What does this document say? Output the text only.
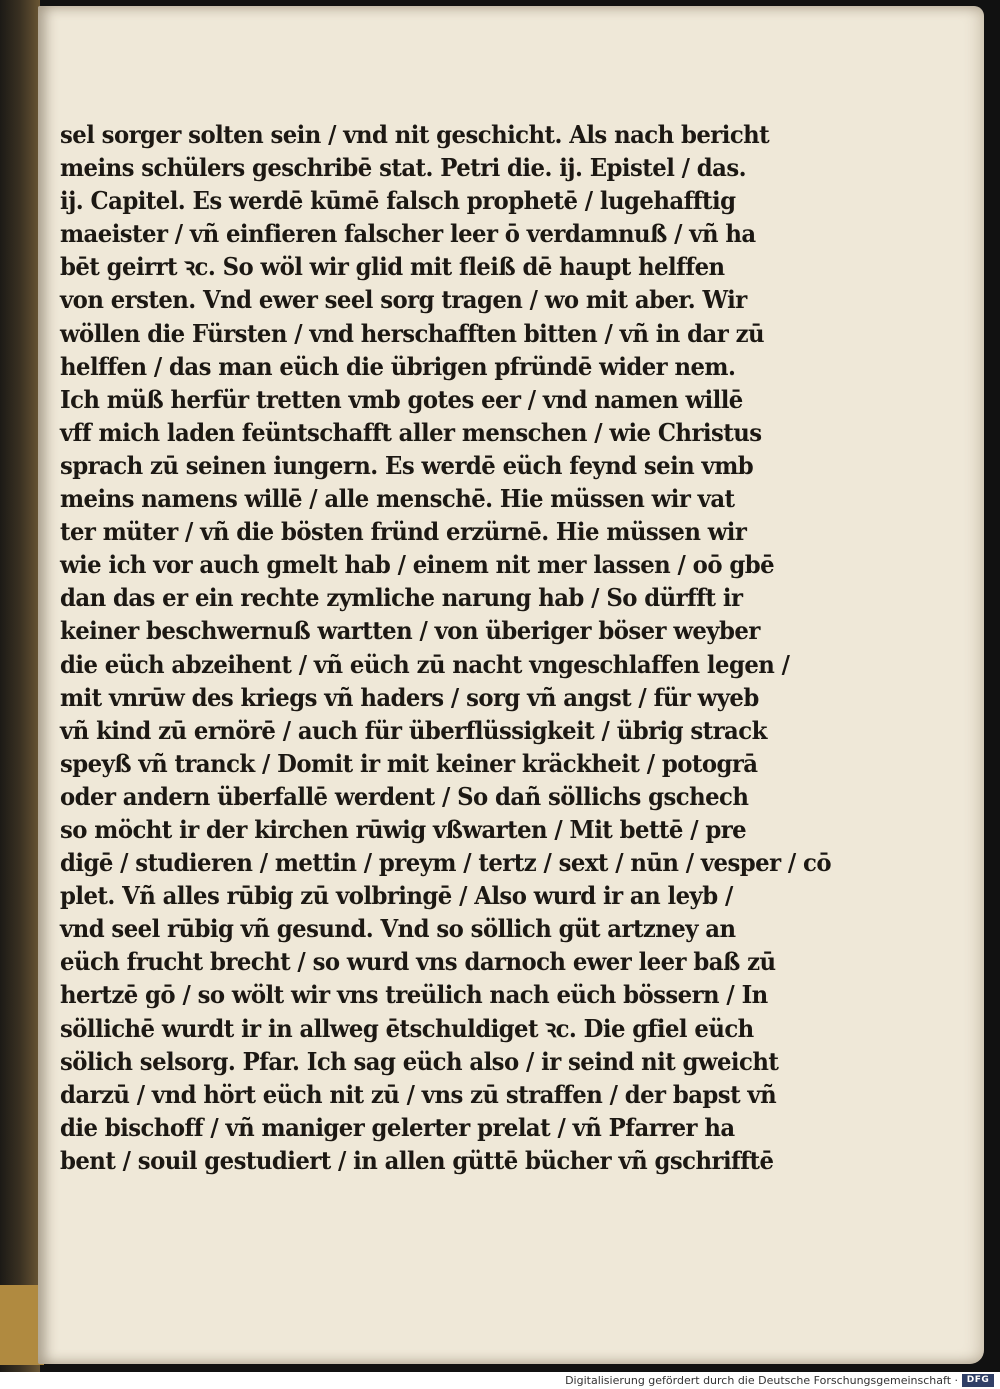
sel sorger solten sein / vnd nit geschicht. Als nach bericht
meins schülers geschribē stat. Petri die. ij. Epistel / das.
ij. Capitel. Es werdē kūmē falsch prophetē / lugehafftig
maeister / vñ einfieren falscher leer ō verdamnuß / vñ ha
bēt geirrt ꝛc. So wöl wir glid mit fleiß dē haupt helffen
von ersten. Vnd ewer seel sorg tragen / wo mit aber. Wir
wöllen die Fürsten / vnd herschafften bitten / vñ in dar zū
helffen / das man eüch die übrigen pfründē wider nem.
Ich müß herfür tretten vmb gotes eer / vnd namen willē
vff mich laden feüntschafft aller menschen / wie Christus
sprach zū seinen iungern. Es werdē eüch feynd sein vmb
meins namens willē / alle menschē. Hie müssen wir vat
ter müter / vñ die bösten fründ erzürnē. Hie müssen wir
wie ich vor auch gmelt hab / einem nit mer lassen / oō gbē
dan das er ein rechte zymliche narung hab / So dürfft ir
keiner beschwernuß wartten / von überiger böser weyber
die eüch abzeihent / vñ eüch zū nacht vngeschlaffen legen /
mit vnrūw des kriegs vñ haders / sorg vñ angst / für wyeb
vñ kind zū ernörē / auch für überflüssigkeit / übrig strack
speyß vñ tranck / Domit ir mit keiner kräckheit / potogrā
oder andern überfallē werdent / So dañ söllichs gschech
so möcht ir der kirchen rūwig vßwarten / Mit bettē / pre
digē / studieren / mettin / preym / tertz / sext / nūn / vesper / cō
plet. Vñ alles rūbig zū volbringē / Also wurd ir an leyb /
vnd seel rūbig vñ gesund. Vnd so söllich güt artzney an
eüch frucht brecht / so wurd vns darnoch ewer leer baß zū
hertzē gō / so wölt wir vns treülich nach eüch bössern / In
söllichē wurdt ir in allweg ētschuldiget ꝛc. Die gfiel eüch
sölich selsorg. Pfar. Ich sag eüch also / ir seind nit gweicht
darzū / vnd hört eüch nit zū / vns zū straffen / der bapst vñ
die bischoff / vñ maniger gelerter prelat / vñ Pfarrer ha
bent / souil gestudiert / in allen güttē bücher vñ gschrifftē
Digitalisierung gefördert durch die Deutsche Forschungsgemeinschaft · DFG
